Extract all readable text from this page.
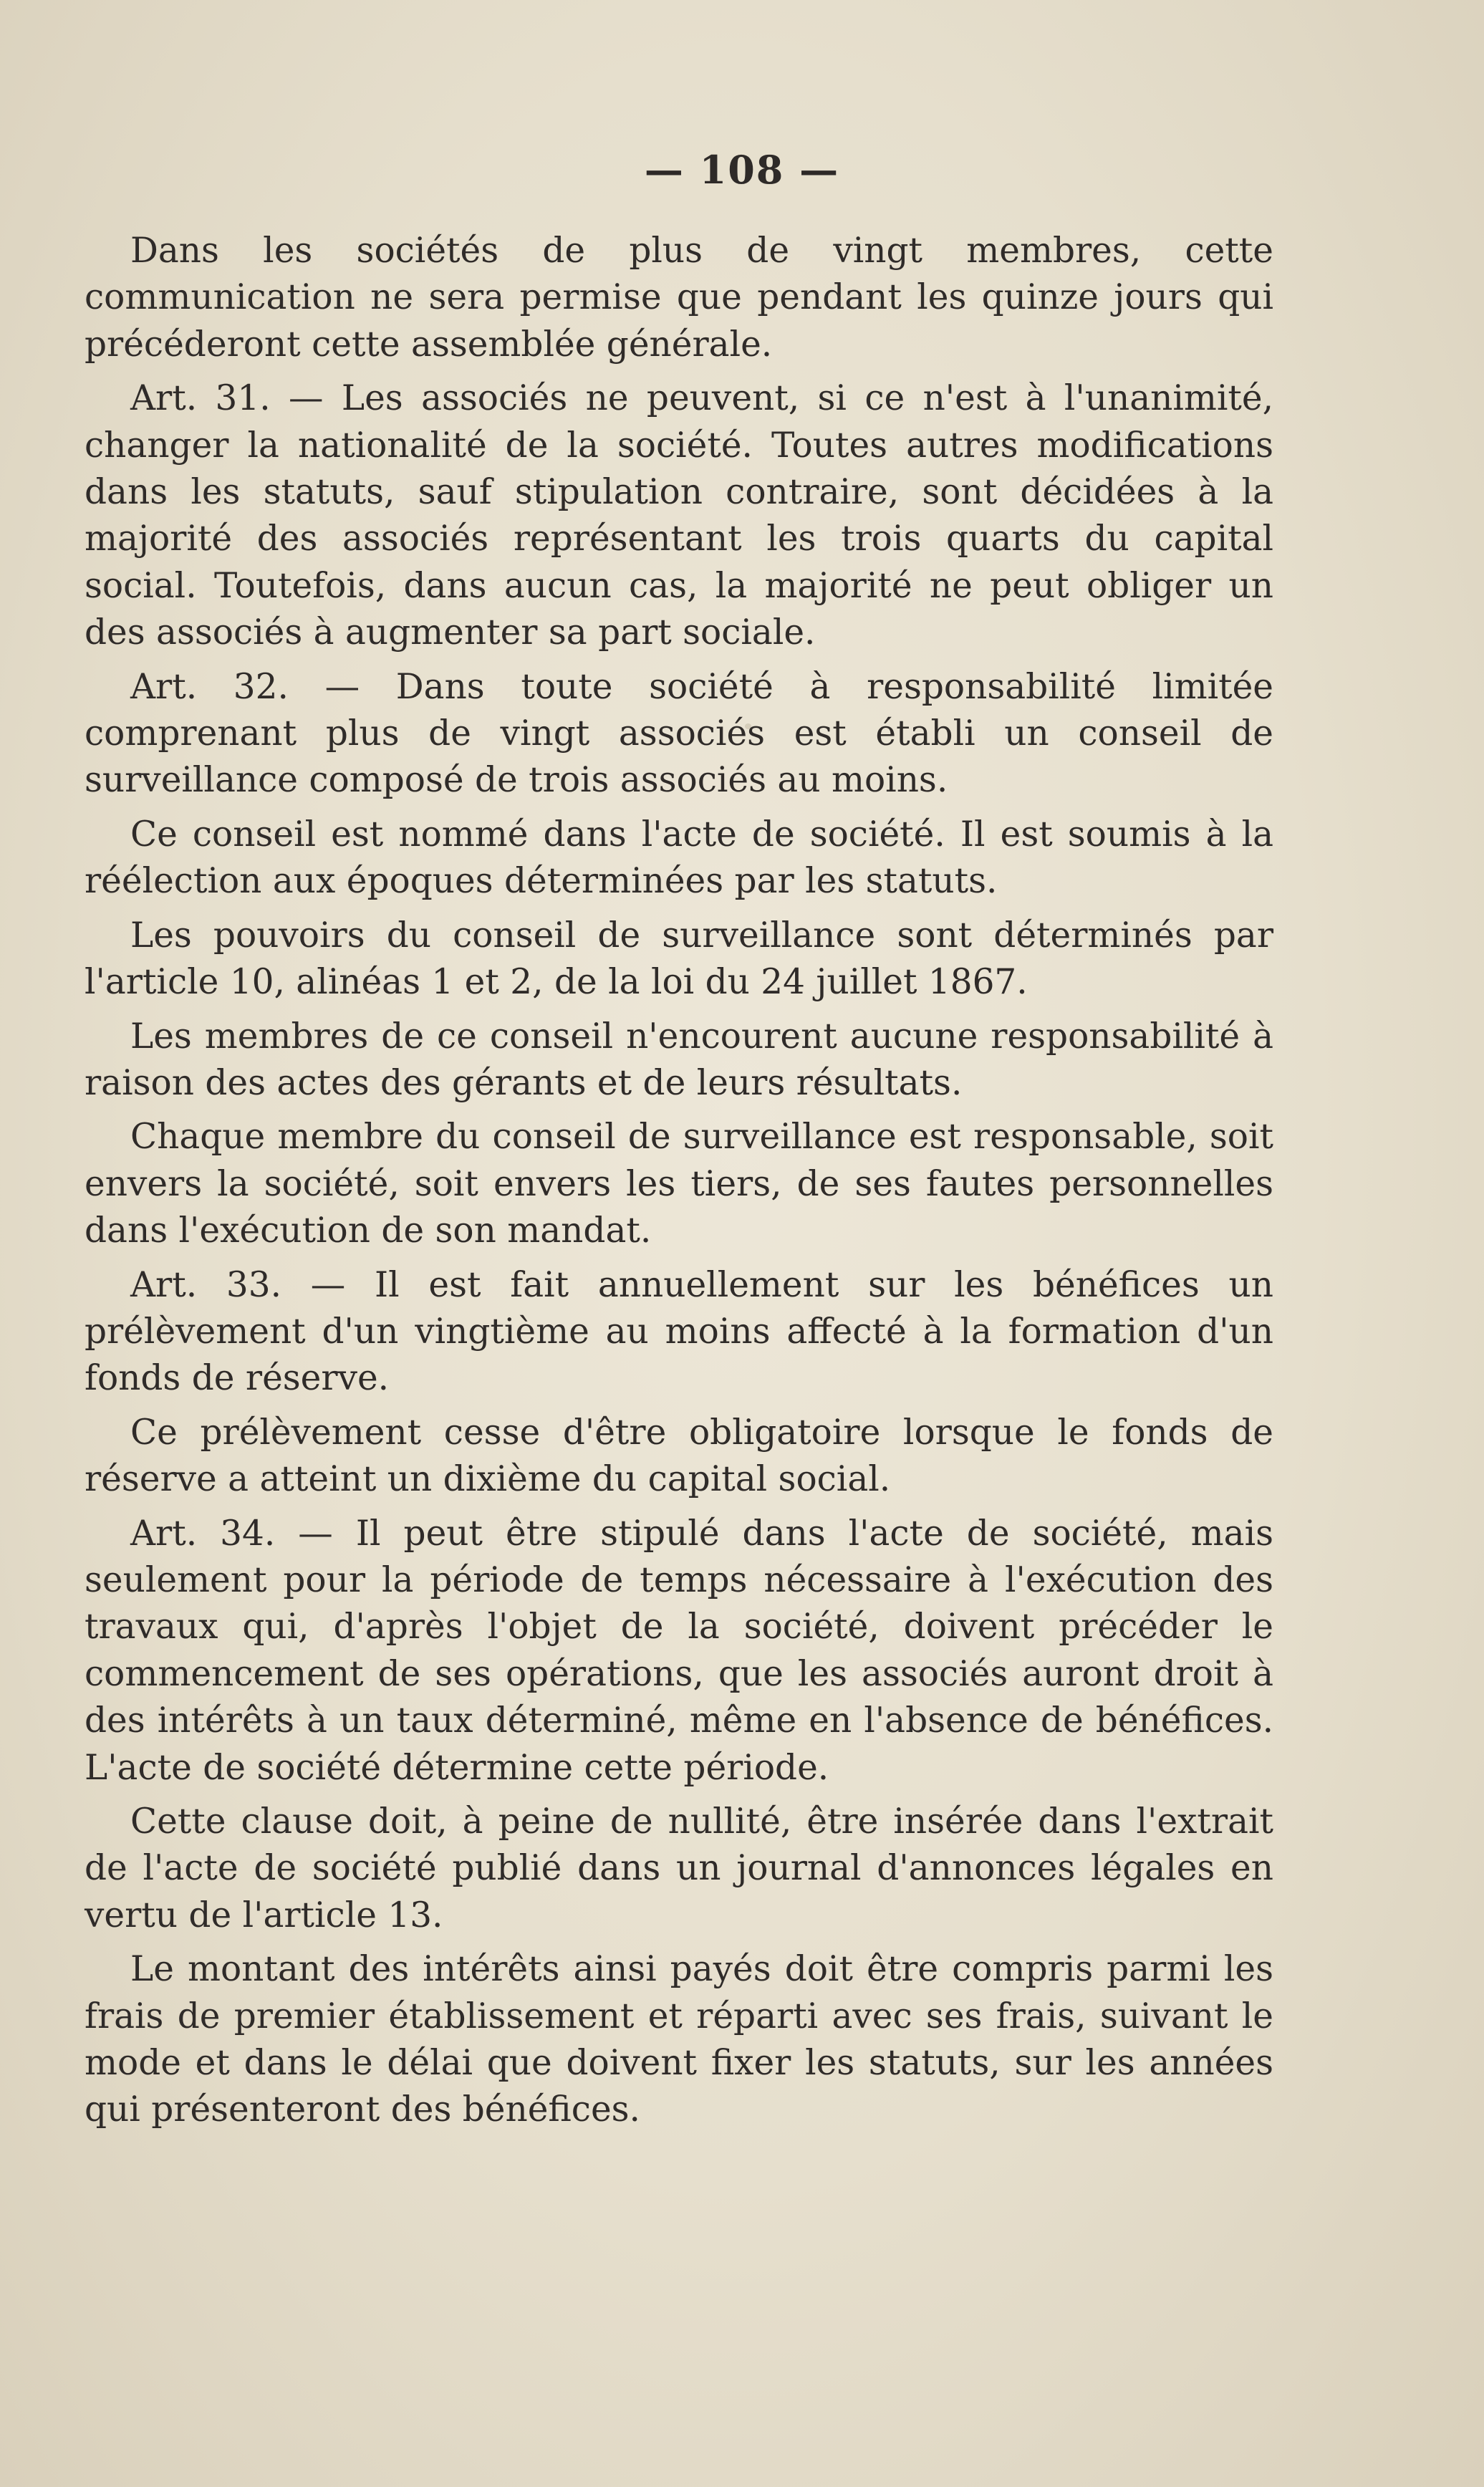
— 108 —

Dans les sociétés de plus de vingt membres, cette communication ne sera permise que pendant les quinze jours qui précéderont cette assemblée générale.

Art. 31. — Les associés ne peuvent, si ce n'est à l'unanimité, changer la nationalité de la société. Toutes autres modifications dans les statuts, sauf stipulation contraire, sont décidées à la majorité des associés représentant les trois quarts du capital social. Toutefois, dans aucun cas, la majorité ne peut obliger un des associés à augmenter sa part sociale.

Art. 32. — Dans toute société à responsabilité limitée comprenant plus de vingt associés est établi un conseil de surveillance composé de trois associés au moins.

Ce conseil est nommé dans l'acte de société. Il est soumis à la réélection aux époques déterminées par les statuts.

Les pouvoirs du conseil de surveillance sont déterminés par l'article 10, alinéas 1 et 2, de la loi du 24 juillet 1867.

Les membres de ce conseil n'encourent aucune responsabilité à raison des actes des gérants et de leurs résultats.

Chaque membre du conseil de surveillance est responsable, soit envers la société, soit envers les tiers, de ses fautes personnelles dans l'exécution de son mandat.

Art. 33. — Il est fait annuellement sur les bénéfices un prélèvement d'un vingtième au moins affecté à la formation d'un fonds de réserve.

Ce prélèvement cesse d'être obligatoire lorsque le fonds de réserve a atteint un dixième du capital social.

Art. 34. — Il peut être stipulé dans l'acte de société, mais seulement pour la période de temps nécessaire à l'exécution des travaux qui, d'après l'objet de la société, doivent précéder le commencement de ses opérations, que les associés auront droit à des intérêts à un taux déterminé, même en l'absence de bénéfices. L'acte de société détermine cette période.

Cette clause doit, à peine de nullité, être insérée dans l'extrait de l'acte de société publié dans un journal d'annonces légales en vertu de l'article 13.

Le montant des intérêts ainsi payés doit être compris parmi les frais de premier établissement et réparti avec ses frais, suivant le mode et dans le délai que doivent fixer les statuts, sur les années qui présenteront des bénéfices.
